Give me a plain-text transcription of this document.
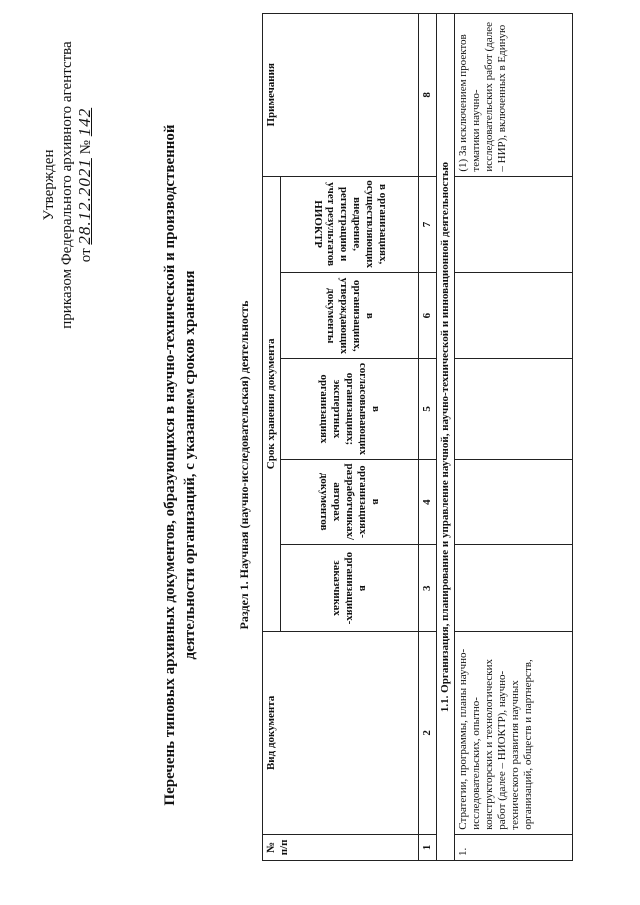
Утвержден приказом Федерального архивного агентства от 28.12.2021 № 142
Перечень типовых архивных документов, образующихся в научно-технической и производственной деятельности организаций, с указанием сроков хранения	Раздел 1. Научная (научно-исследовательская) деятельность
№ п/п	Вид документа	Срок хранения документа					Примечания
		в организациях-заказчиках	в организациях-разработчиках/авторах документов	в согласовывающих организациях; экспертных организациях	в организациях, утверждающих документы	в организациях, осуществляющих внедрение, регистрацию и учет результатов НИОКТР	
1	2	3	4	5	6	7	8
1.1. Организация, планирование и управление научной, научно-технической и инновационной деятельностью							
1.	Стратегии, программы, планы научно-исследовательских, опытно-конструкторских и технологических работ (далее – НИОКТР), научно-технического развития научных организаций, обществ и партнерств,						(1) За исключением проектов тематики научно-исследовательских работ (далее – НИР), включенных в Единую
